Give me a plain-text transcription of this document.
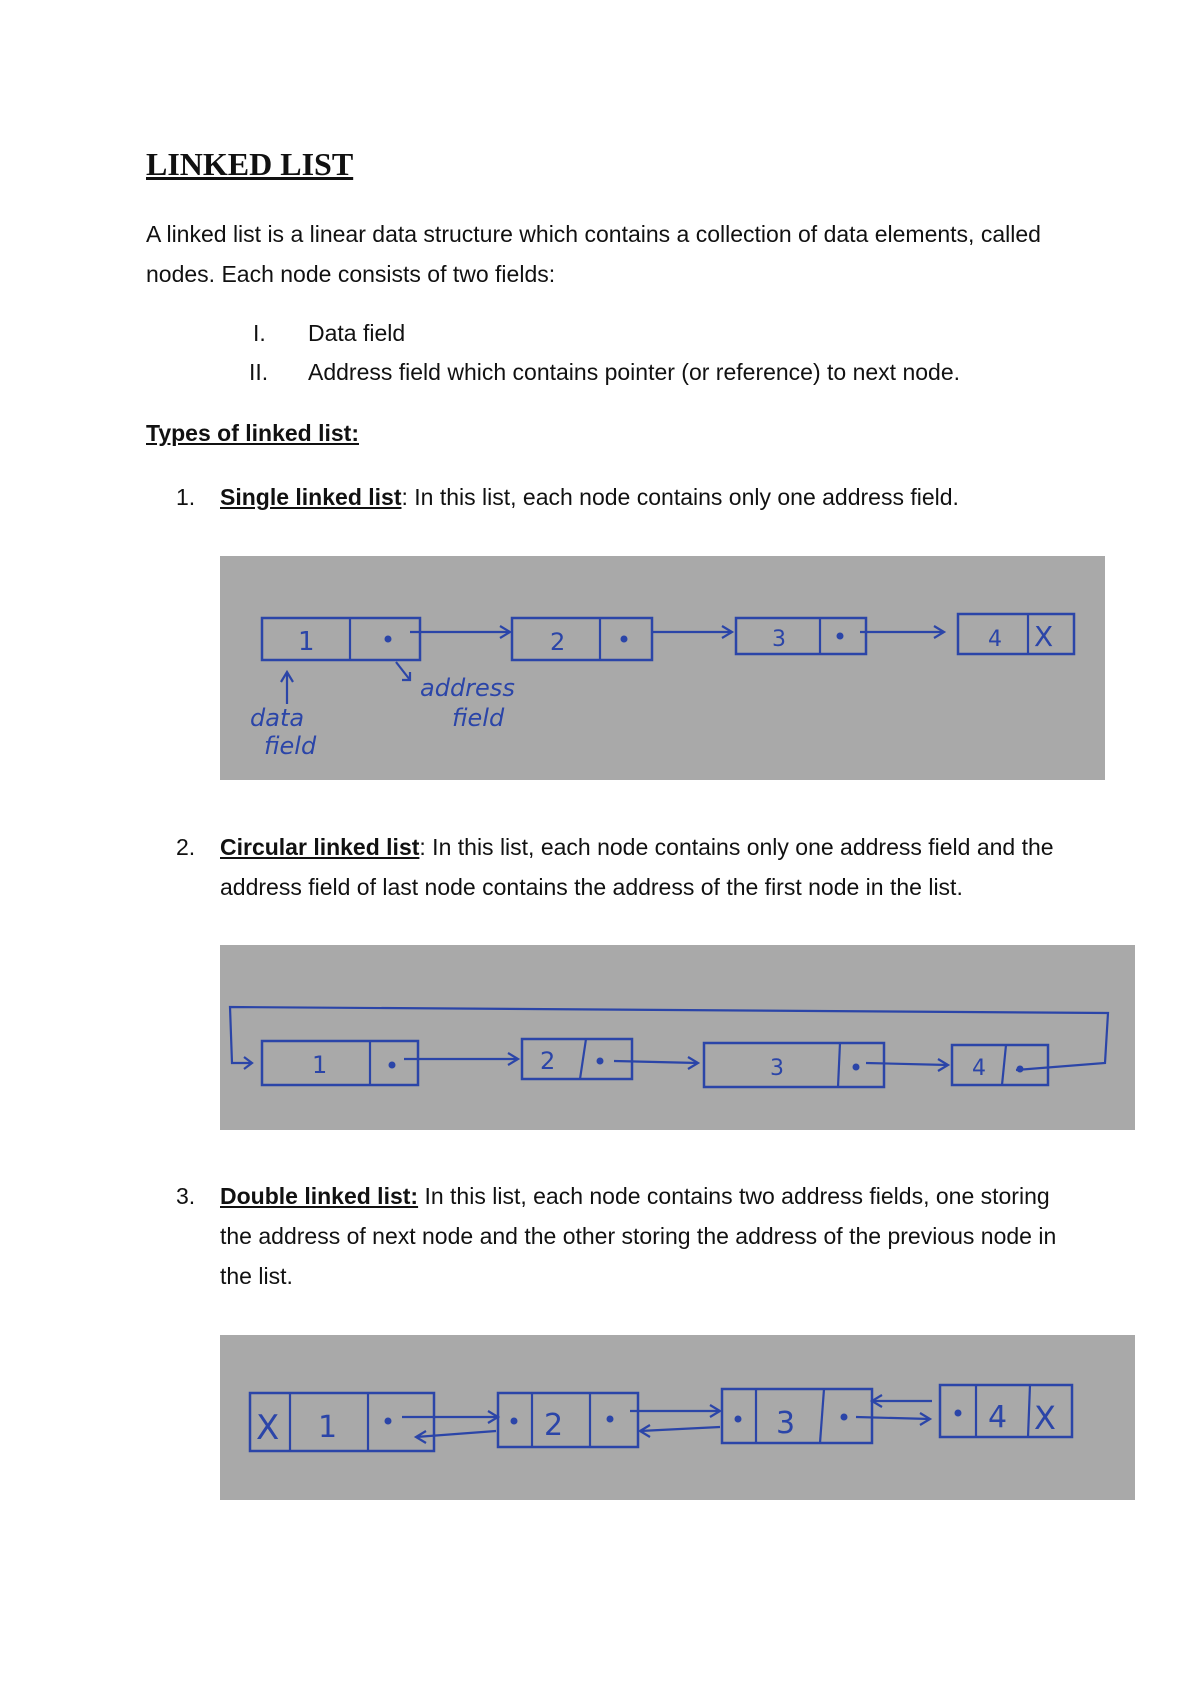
LINKED LIST
A linked list is a linear data structure which contains a collection of data elements, called nodes. Each node consists of two fields:
I. Data field
II. Address field which contains pointer (or reference) to next node.
Types of linked list:
1.	Single linked list: In this list, each node contains only one address field.
1	2	3	4 X
data
field
address
field
2.	Circular linked list: In this list, each node contains only one address field and the address field of last node contains the address of the first node in the list.
1	2	3	4
3.	Double linked list: In this list, each node contains two address fields, one storing the address of next node and the other storing the address of the previous node in the list.
X 1	2	3	4 X
